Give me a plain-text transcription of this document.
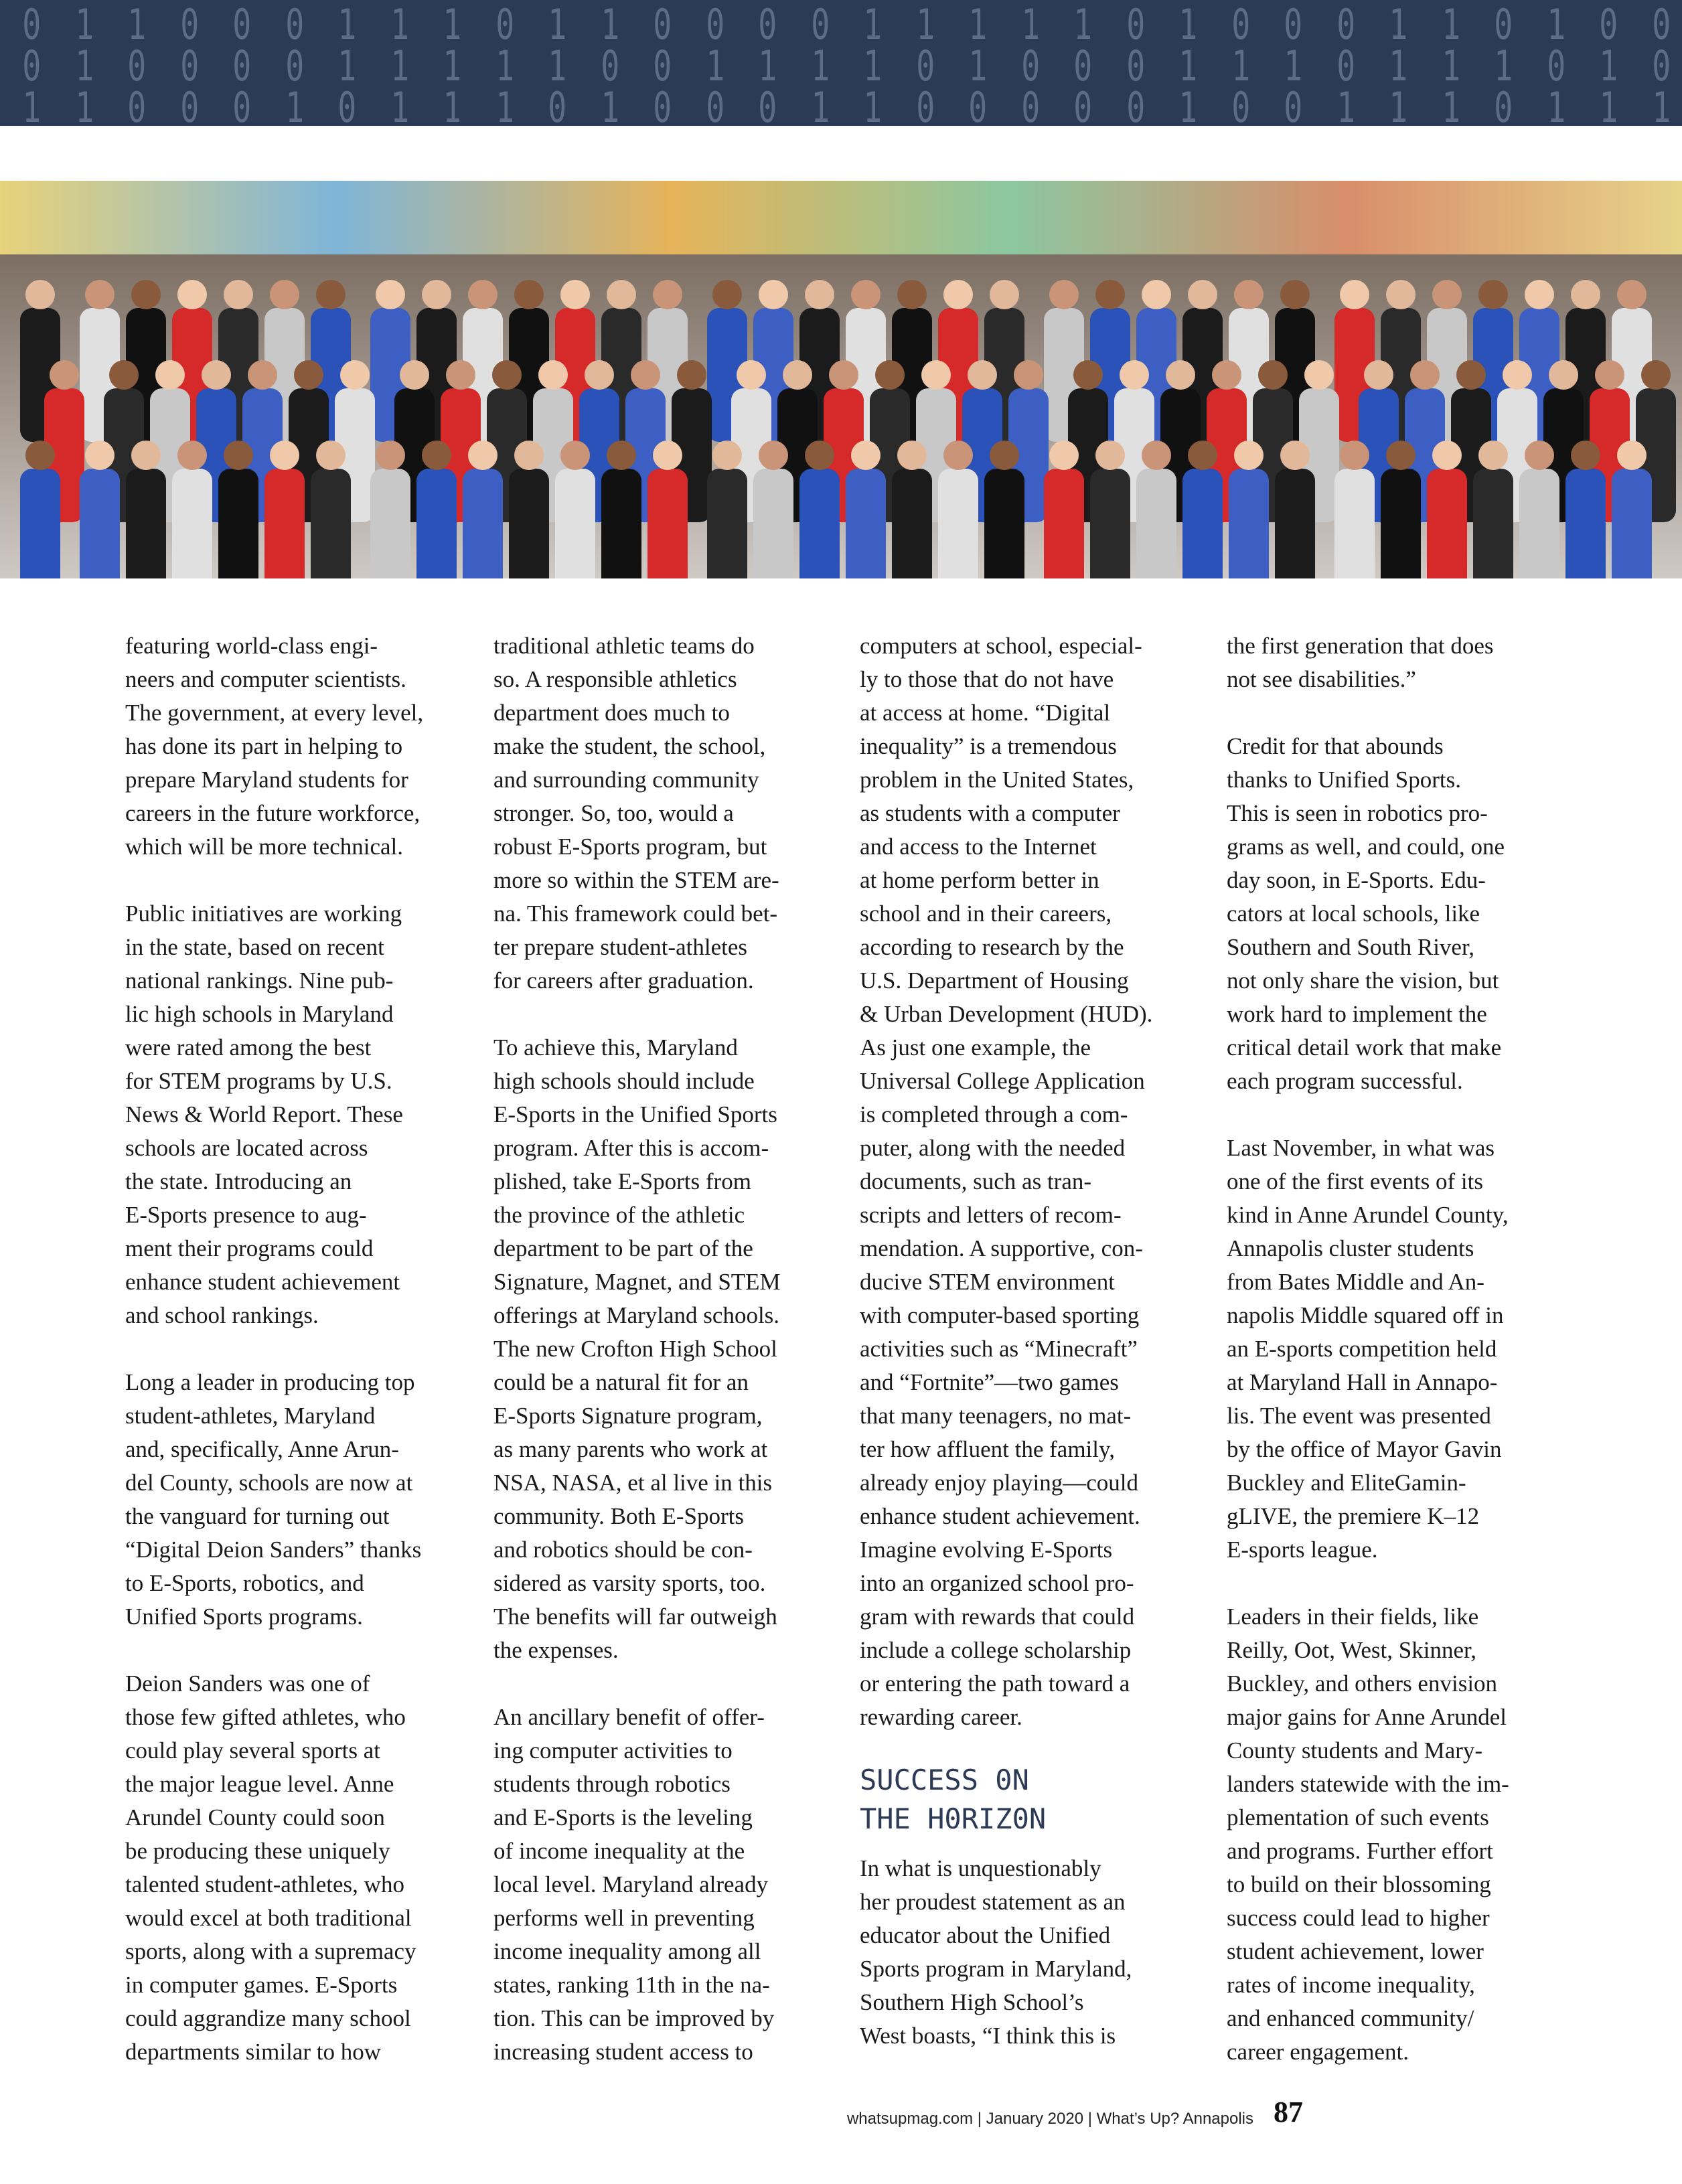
0 1 1 0 0 0 1 1 1 0 1 1 0 0 0 0 1 1 1 1 1 0 1 0 0 0 1 1 0 1 0 0
0 1 0 0 0 0 1 1 1 1 1 0 0 1 1 1 1 0 1 0 0 0 1 1 1 0 1 1 1 0 1 0
1 1 0 0 0 1 0 1 1 1 0 1 0 0 0 1 1 0 0 0 0 0 1 0 0 1 1 1 0 1 1 1
featuring world-class engi-
neers and computer scientists.
The government, at every level,
has done its part in helping to
prepare Maryland students for
careers in the future workforce,
which will be more technical.
Public initiatives are working
in the state, based on recent
national rankings. Nine pub-
lic high schools in Maryland
were rated among the best
for STEM programs by U.S.
News & World Report. These
schools are located across
the state. Introducing an
E-Sports presence to aug-
ment their programs could
enhance student achievement
and school rankings.
Long a leader in producing top
student-athletes, Maryland
and, specifically, Anne Arun-
del County, schools are now at
the vanguard for turning out
“Digital Deion Sanders” thanks
to E-Sports, robotics, and
Unified Sports programs.
Deion Sanders was one of
those few gifted athletes, who
could play several sports at
the major league level. Anne
Arundel County could soon
be producing these uniquely
talented student-athletes, who
would excel at both traditional
sports, along with a supremacy
in computer games. E-Sports
could aggrandize many school
departments similar to how
traditional athletic teams do
so. A responsible athletics
department does much to
make the student, the school,
and surrounding community
stronger. So, too, would a
robust E-Sports program, but
more so within the STEM are-
na. This framework could bet-
ter prepare student-athletes
for careers after graduation.
To achieve this, Maryland
high schools should include
E-Sports in the Unified Sports
program. After this is accom-
plished, take E-Sports from
the province of the athletic
department to be part of the
Signature, Magnet, and STEM
offerings at Maryland schools.
The new Crofton High School
could be a natural fit for an
E-Sports Signature program,
as many parents who work at
NSA, NASA, et al live in this
community. Both E-Sports
and robotics should be con-
sidered as varsity sports, too.
The benefits will far outweigh
the expenses.
An ancillary benefit of offer-
ing computer activities to
students through robotics
and E-Sports is the leveling
of income inequality at the
local level. Maryland already
performs well in preventing
income inequality among all
states, ranking 11th in the na-
tion. This can be improved by
increasing student access to
computers at school, especial-
ly to those that do not have
at access at home. “Digital
inequality” is a tremendous
problem in the United States,
as students with a computer
and access to the Internet
at home perform better in
school and in their careers,
according to research by the
U.S. Department of Housing
& Urban Development (HUD).
As just one example, the
Universal College Application
is completed through a com-
puter, along with the needed
documents, such as tran-
scripts and letters of recom-
mendation. A supportive, con-
ducive STEM environment
with computer-based sporting
activities such as “Minecraft”
and “Fortnite”—two games
that many teenagers, no mat-
ter how affluent the family,
already enjoy playing—could
enhance student achievement.
Imagine evolving E-Sports
into an organized school pro-
gram with rewards that could
include a college scholarship
or entering the path toward a
rewarding career.
SUCCESS 0N
THE H0RIZ0N
In what is unquestionably
her proudest statement as an
educator about the Unified
Sports program in Maryland,
Southern High School’s
West boasts, “I think this is
the first generation that does
not see disabilities.”
Credit for that abounds
thanks to Unified Sports.
This is seen in robotics pro-
grams as well, and could, one
day soon, in E-Sports. Edu-
cators at local schools, like
Southern and South River,
not only share the vision, but
work hard to implement the
critical detail work that make
each program successful.
Last November, in what was
one of the first events of its
kind in Anne Arundel County,
Annapolis cluster students
from Bates Middle and An-
napolis Middle squared off in
an E-sports competition held
at Maryland Hall in Annapo-
lis. The event was presented
by the office of Mayor Gavin
Buckley and EliteGamin-
gLIVE, the premiere K–12
E-sports league.
Leaders in their fields, like
Reilly, Oot, West, Skinner,
Buckley, and others envision
major gains for Anne Arundel
County students and Mary-
landers statewide with the im-
plementation of such events
and programs. Further effort
to build on their blossoming
success could lead to higher
student achievement, lower
rates of income inequality,
and enhanced community/
career engagement.
whatsupmag.com | January 2020 | What’s Up? Annapolis 87
